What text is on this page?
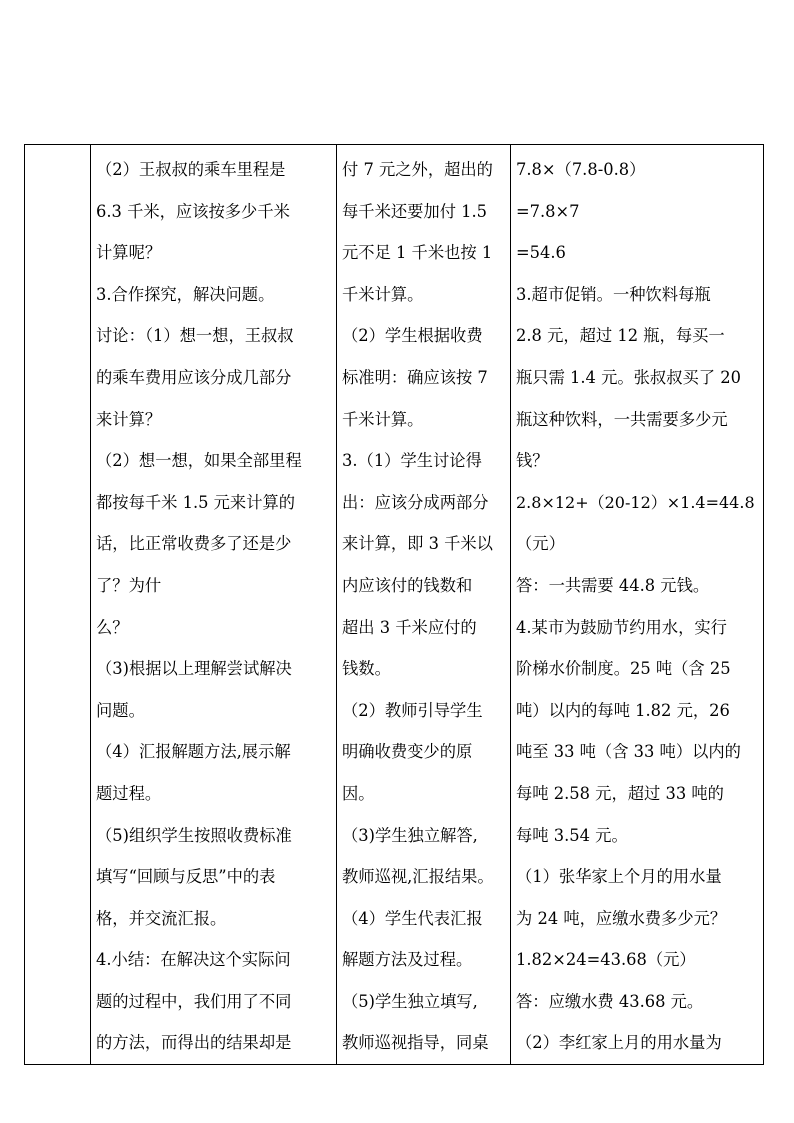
（2）王叔叔的乘车里程是
6.3 千米，应该按多少千米
计算呢？
3.合作探究，解决问题。
讨论：（1）想一想，王叔叔
的乘车费用应该分成几部分
来计算？
（2）想一想，如果全部里程
都按每千米 1.5 元来计算的
话，比正常收费多了还是少
了？为什
么？
（3)根据以上理解尝试解决
问题。
（4）汇报解题方法,展示解
题过程。
（5)组织学生按照收费标准
填写“回顾与反思”中的表
格，并交流汇报。
4.小结：在解决这个实际问
题的过程中，我们用了不同
的方法，而得出的结果却是

付 7 元之外，超出的
每千米还要加付 1.5
元不足 1 千米也按 1
千米计算。
（2）学生根据收费
标准明：确应该按 7
千米计算。
3.（1）学生讨论得
出：应该分成两部分
来计算，即 3 千米以
内应该付的钱数和
超出 3 千米应付的
钱数。
（2）教师引导学生
明确收费变少的原
因。
（3)学生独立解答,
教师巡视,汇报结果。
（4）学生代表汇报
解题方法及过程。
（5)学生独立填写,
教师巡视指导，同桌

7.8×（7.8-0.8）
=7.8×7
=54.6
3.超市促销。一种饮料每瓶
2.8 元，超过 12 瓶，每买一
瓶只需 1.4 元。张叔叔买了 20
瓶这种饮料，一共需要多少元
钱？
2.8×12+（20-12）×1.4=44.8
（元）
答：一共需要 44.8 元钱。
4.某市为鼓励节约用水，实行
阶梯水价制度。25 吨（含 25
吨）以内的每吨 1.82 元，26
吨至 33 吨（含 33 吨）以内的
每吨 2.58 元，超过 33 吨的
每吨 3.54 元。
（1）张华家上个月的用水量
为 24 吨，应缴水费多少元？
1.82×24=43.68（元）
答：应缴水费 43.68 元。
（2）李红家上月的用水量为
